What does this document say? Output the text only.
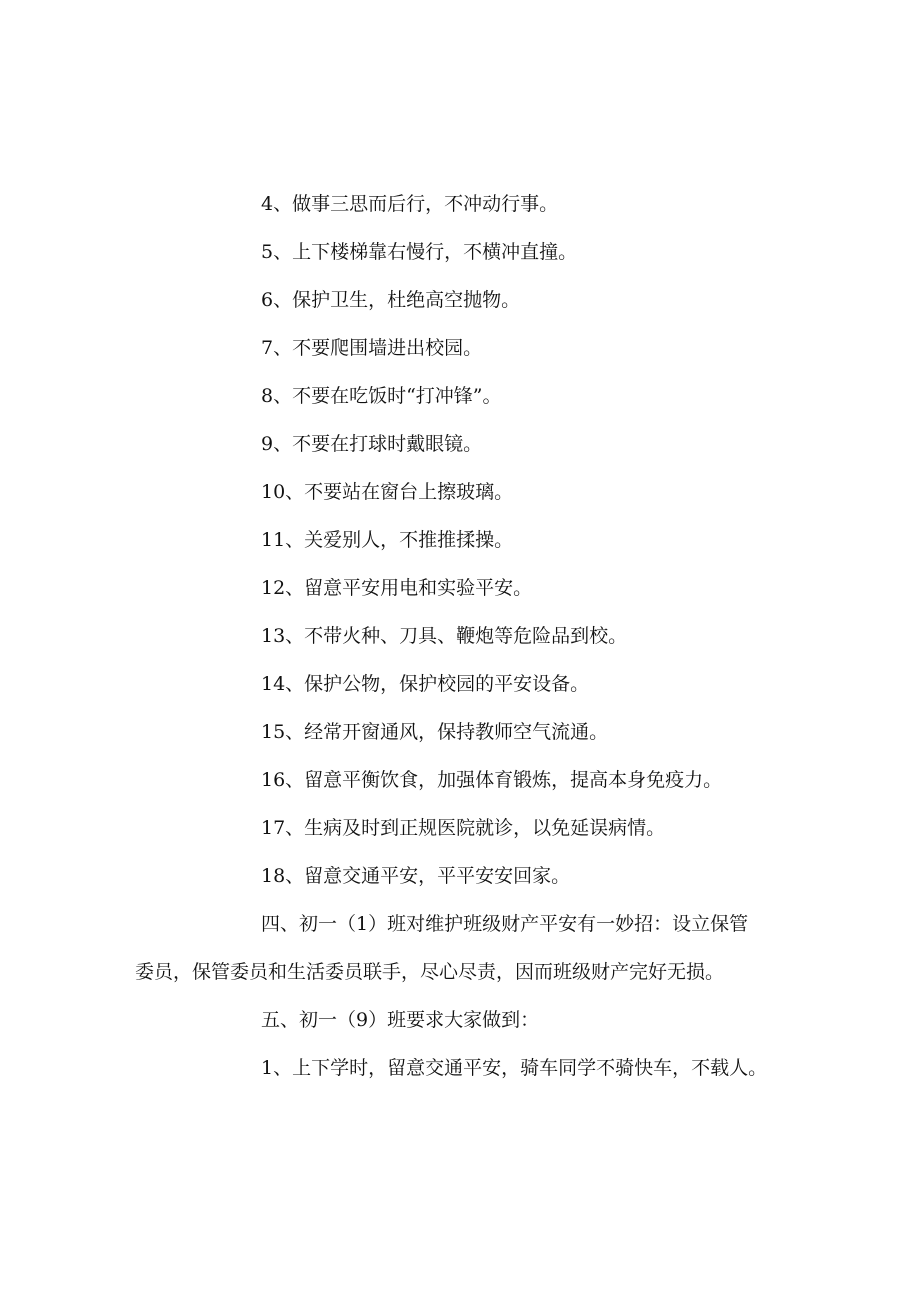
4、做事三思而后行，不冲动行事。
5、上下楼梯靠右慢行，不横冲直撞。
6、保护卫生，杜绝高空抛物。
7、不要爬围墙进出校园。
8、不要在吃饭时“打冲锋”。
9、不要在打球时戴眼镜。
10、不要站在窗台上擦玻璃。
11、关爱别人，不推推揉操。
12、留意平安用电和实验平安。
13、不带火种、刀具、鞭炮等危险品到校。
14、保护公物，保护校园的平安设备。
15、经常开窗通风，保持教师空气流通。
16、留意平衡饮食，加强体育锻炼，提高本身免疫力。
17、生病及时到正规医院就诊，以免延误病情。
18、留意交通平安，平平安安回家。
四、初一（1）班对维护班级财产平安有一妙招：设立保管
委员，保管委员和生活委员联手，尽心尽责，因而班级财产完好无损。
五、初一（9）班要求大家做到：
1、上下学时，留意交通平安，骑车同学不骑快车，不载人。
